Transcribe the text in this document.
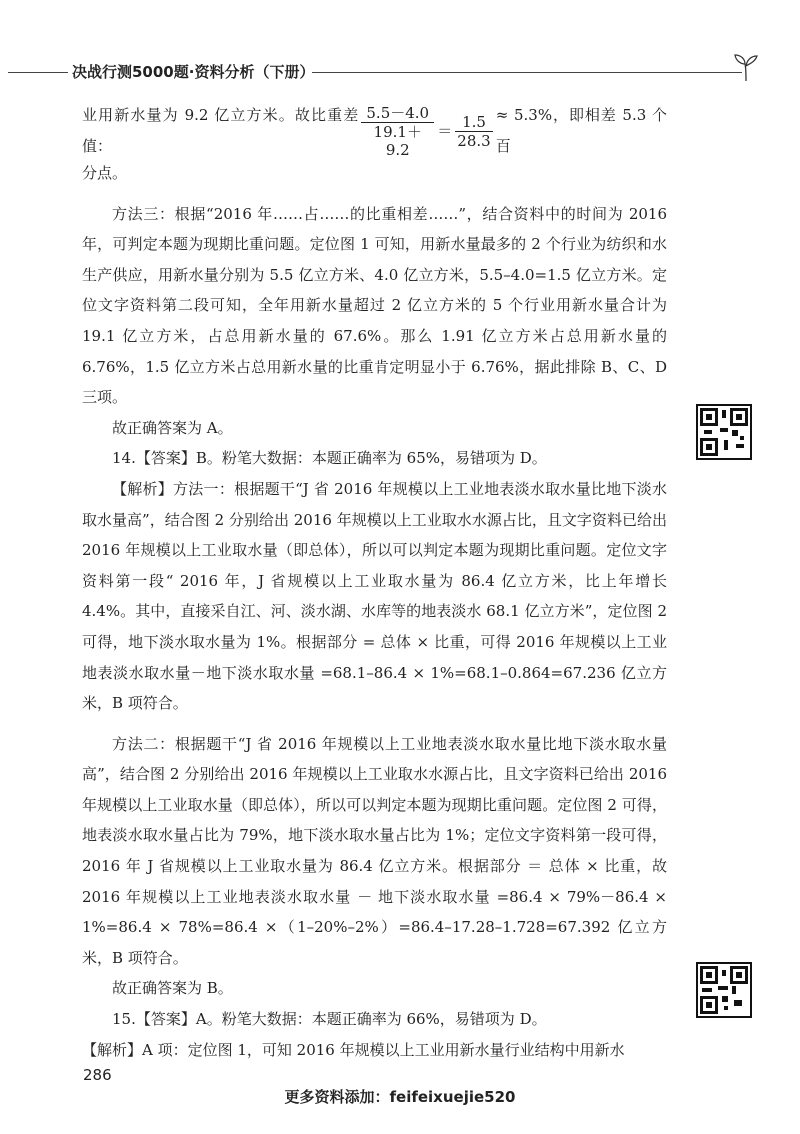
决战行测5000题·资料分析（下册）
业用新水量为 9.2 亿立方米。故比重差值：	$\frac{5.5-4.0}{19.1+9.2} = \frac{1.5}{28.3} \approx 5.3\%$，即相差 5.3 个百

分点。

方法三：根据“2016 年……占……的比重相差……”，结合资料中的时间为 2016 年，可判定本题为现期比重问题。定位图 1 可知，用新水量最多的 2 个行业为纺织和水生产供应，用新水量分别为 5.5 亿立方米、4.0 亿立方米，5.5–4.0=1.5 亿立方米。定位文字资料第二段可知，全年用新水量超过 2 亿立方米的 5 个行业用新水量合计为 19.1 亿立方米，占总用新水量的 67.6%。那么 1.91 亿立方米占总用新水量的 6.76%，1.5 亿立方米占总用新水量的比重肯定明显小于 6.76%，据此排除 B、C、D 三项。

故正确答案为 A。

14.【答案】B。粉笔大数据：本题正确率为 65%，易错项为 D。

【解析】方法一：根据题干“J 省 2016 年规模以上工业地表淡水取水量比地下淡水取水量高”，结合图 2 分别给出 2016 年规模以上工业取水水源占比，且文字资料已给出 2016 年规模以上工业取水量（即总体），所以可以判定本题为现期比重问题。定位文字资料第一段“ 2016 年，J 省规模以上工业取水量为 86.4 亿立方米，比上年增长 4.4%。其中，直接采自江、河、淡水湖、水库等的地表淡水 68.1 亿立方米”，定位图 2 可得，地下淡水取水量为 1%。根据部分 = 总体 × 比重，可得 2016 年规模以上工业地表淡水取水量－地下淡水取水量 =68.1–86.4 × 1%=68.1–0.864=67.236 亿立方米，B 项符合。

方法二：根据题干“J 省 2016 年规模以上工业地表淡水取水量比地下淡水取水量高”，结合图 2 分别给出 2016 年规模以上工业取水水源占比，且文字资料已给出 2016 年规模以上工业取水量（即总体），所以可以判定本题为现期比重问题。定位图 2 可得，地表淡水取水量占比为 79%，地下淡水取水量占比为 1%；定位文字资料第一段可得，2016 年 J 省规模以上工业取水量为 86.4 亿立方米。根据部分 ＝ 总体 × 比重，故 2016 年规模以上工业地表淡水取水量 － 地下淡水取水量 =86.4 × 79%－86.4 × 1%=86.4 × 78%=86.4 ×（1–20%–2%）=86.4–17.28–1.728=67.392 亿立方米，B 项符合。

故正确答案为 B。

15.【答案】A。粉笔大数据：本题正确率为 66%，易错项为 D。

【解析】A 项：定位图 1，可知 2016 年规模以上工业用新水量行业结构中用新水

286
更多资料添加：feifeixuejie520
